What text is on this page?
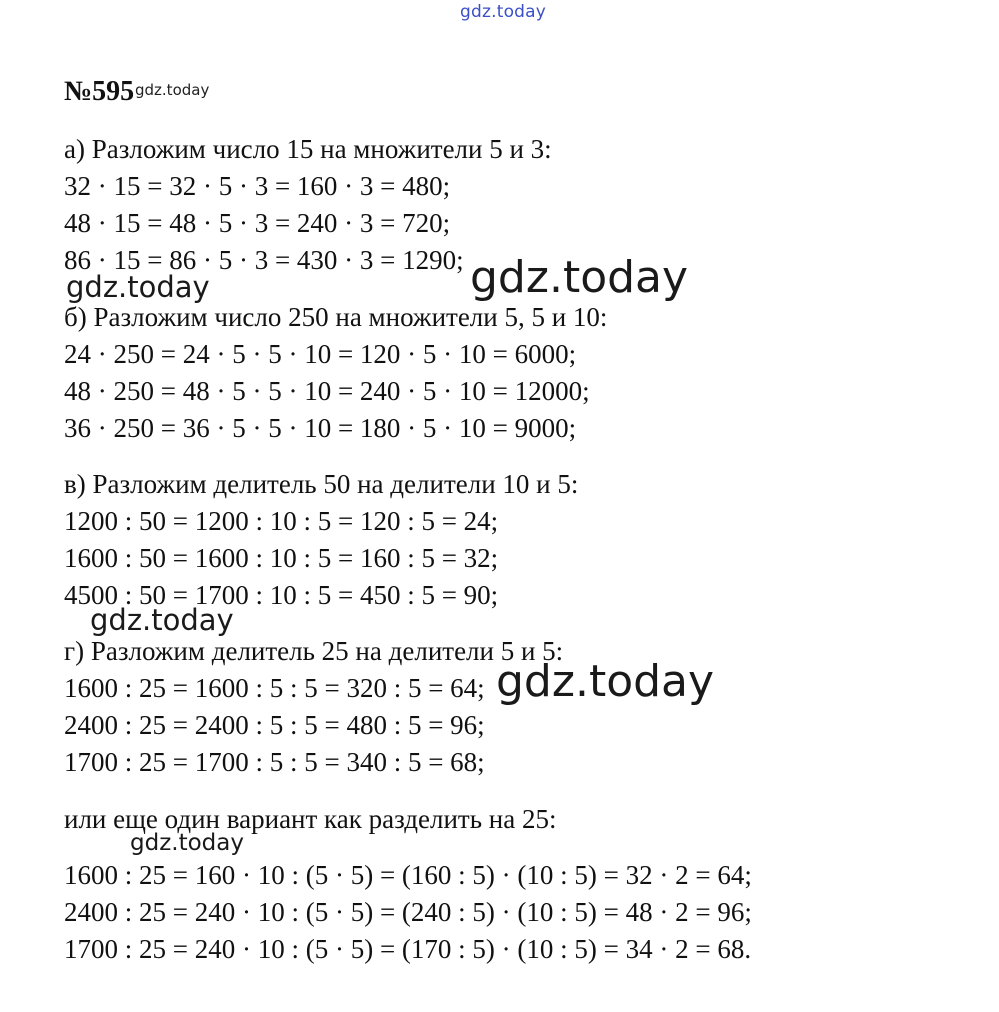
gdz.today
№595 gdz.today
а) Разложим число 15 на множители 5 и 3:
32 · 15 = 32 · 5 · 3 = 160 · 3 = 480;
48 · 15 = 48 · 5 · 3 = 240 · 3 = 720;
86 · 15 = 86 · 5 · 3 = 430 · 3 = 1290;
б) Разложим число 250 на множители 5, 5 и 10:
24 · 250 = 24 · 5 · 5 · 10 = 120 · 5 · 10 = 6000;
48 · 250 = 48 · 5 · 5 · 10 = 240 · 5 · 10 = 12000;
36 · 250 = 36 · 5 · 5 · 10 = 180 · 5 · 10 = 9000;
в) Разложим делитель 50 на делители 10 и 5:
1200 : 50 = 1200 : 10 : 5 = 120 : 5 = 24;
1600 : 50 = 1600 : 10 : 5 = 160 : 5 = 32;
4500 : 50 = 1700 : 10 : 5 = 450 : 5 = 90;
г) Разложим делитель 25 на делители 5 и 5:
1600 : 25 = 1600 : 5 : 5 = 320 : 5 = 64;
2400 : 25 = 2400 : 5 : 5 = 480 : 5 = 96;
1700 : 25 = 1700 : 5 : 5 = 340 : 5 = 68;
или еще один вариант как разделить на 25:
1600 : 25 = 160 · 10 : (5 · 5) = (160 : 5) · (10 : 5) = 32 · 2 = 64;
2400 : 25 = 240 · 10 : (5 · 5) = (240 : 5) · (10 : 5) = 48 · 2 = 96;
1700 : 25 = 240 · 10 : (5 · 5) = (170 : 5) · (10 : 5) = 34 · 2 = 68.
gdz.today
gdz.today
gdz.today
gdz.today
gdz.today
